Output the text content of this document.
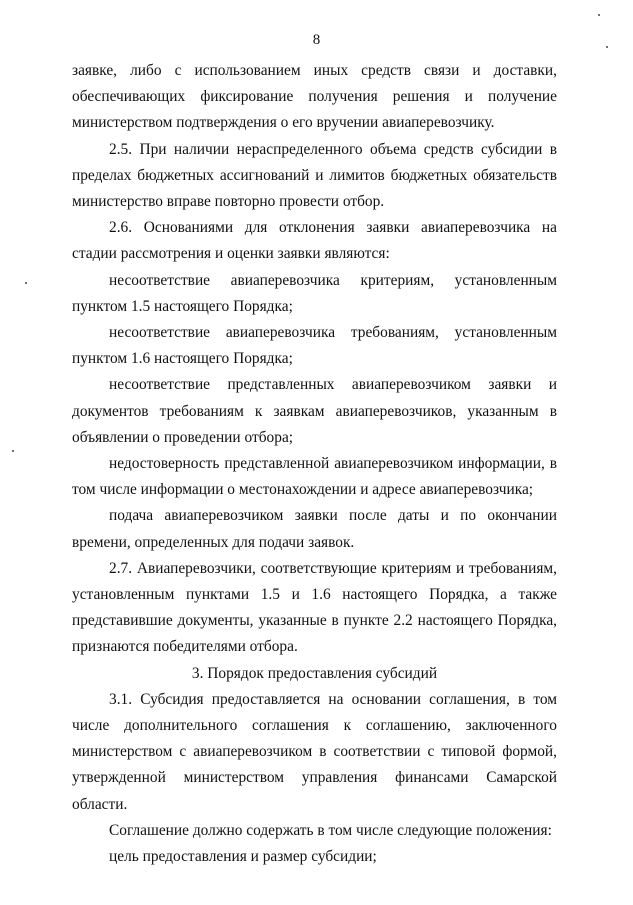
8

заявке, либо с использованием иных средств связи и доставки, обеспечивающих фиксирование получения решения и получение министерством подтверждения о его вручении авиаперевозчику.

2.5. При наличии нераспределенного объема средств субсидии в пределах бюджетных ассигнований и лимитов бюджетных обязательств министерство вправе повторно провести отбор.

2.6. Основаниями для отклонения заявки авиаперевозчика на стадии рассмотрения и оценки заявки являются:

несоответствие авиаперевозчика критериям, установленным пунктом 1.5 настоящего Порядка;

несоответствие авиаперевозчика требованиям, установленным пунктом 1.6 настоящего Порядка;

несоответствие представленных авиаперевозчиком заявки и документов требованиям к заявкам авиаперевозчиков, указанным в объявлении о проведении отбора;

недостоверность представленной авиаперевозчиком информации, в том числе информации о местонахождении и адресе авиаперевозчика;

подача авиаперевозчиком заявки после даты и по окончании времени, определенных для подачи заявок.

2.7. Авиаперевозчики, соответствующие критериям и требованиям, установленным пунктами 1.5 и 1.6 настоящего Порядка, а также представившие документы, указанные в пункте 2.2 настоящего Порядка, признаются победителями отбора.

3. Порядок предоставления субсидий

3.1. Субсидия предоставляется на основании соглашения, в том числе дополнительного соглашения к соглашению, заключенного министерством с авиаперевозчиком в соответствии с типовой формой, утвержденной министерством управления финансами Самарской области.

Соглашение должно содержать в том числе следующие положения:

цель предоставления и размер субсидии;
